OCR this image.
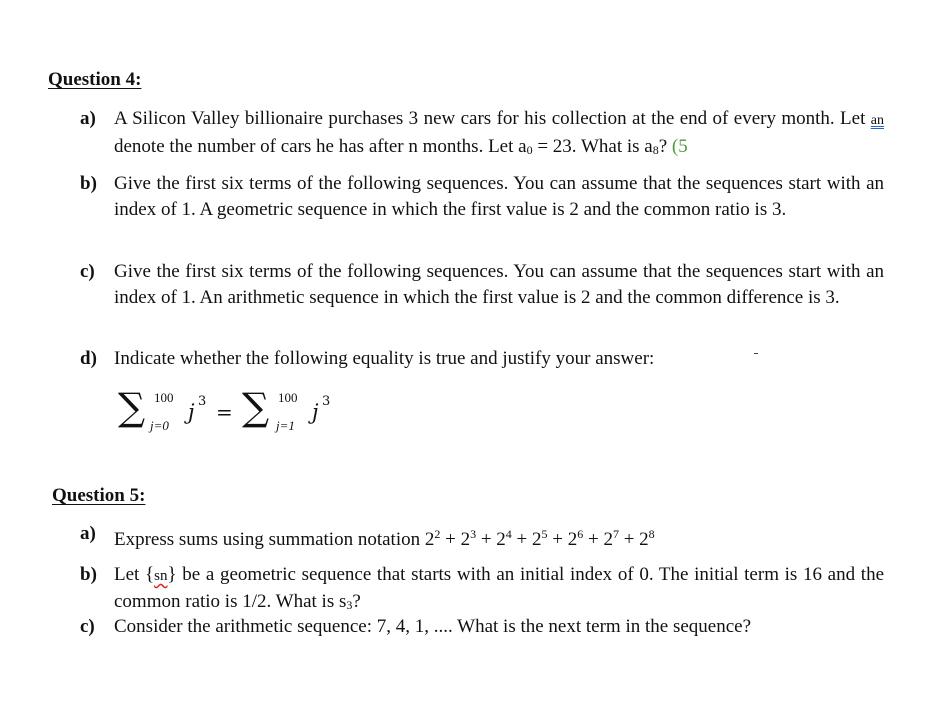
Question 4:
a) A Silicon Valley billionaire purchases 3 new cars for his collection at the end of every month. Let an denote the number of cars he has after n months. Let $a_0 = 23$. What is $a_8$? (5
b) Give the first six terms of the following sequences. You can assume that the sequences start with an index of 1. A geometric sequence in which the first value is 2 and the common ratio is 3.
c) Give the first six terms of the following sequences. You can assume that the sequences start with an index of 1. An arithmetic sequence in which the first value is 2 and the common difference is 3.
d) Indicate whether the following equality is true and justify your answer:
∑ 100
j=0
j 3 = ∑ 100
j=1
j 3
Question 5:
a) Express sums using summation notation $2^2 + 2^3 + 2^4 + 2^5 + 2^6 + 2^7 + 2^8$
b) Let {sn} be a geometric sequence that starts with an initial index of 0. The initial term is 16 and the common ratio is 1/2. What is $s_3$?
c) Consider the arithmetic sequence: 7, 4, 1, .... What is the next term in the sequence?
